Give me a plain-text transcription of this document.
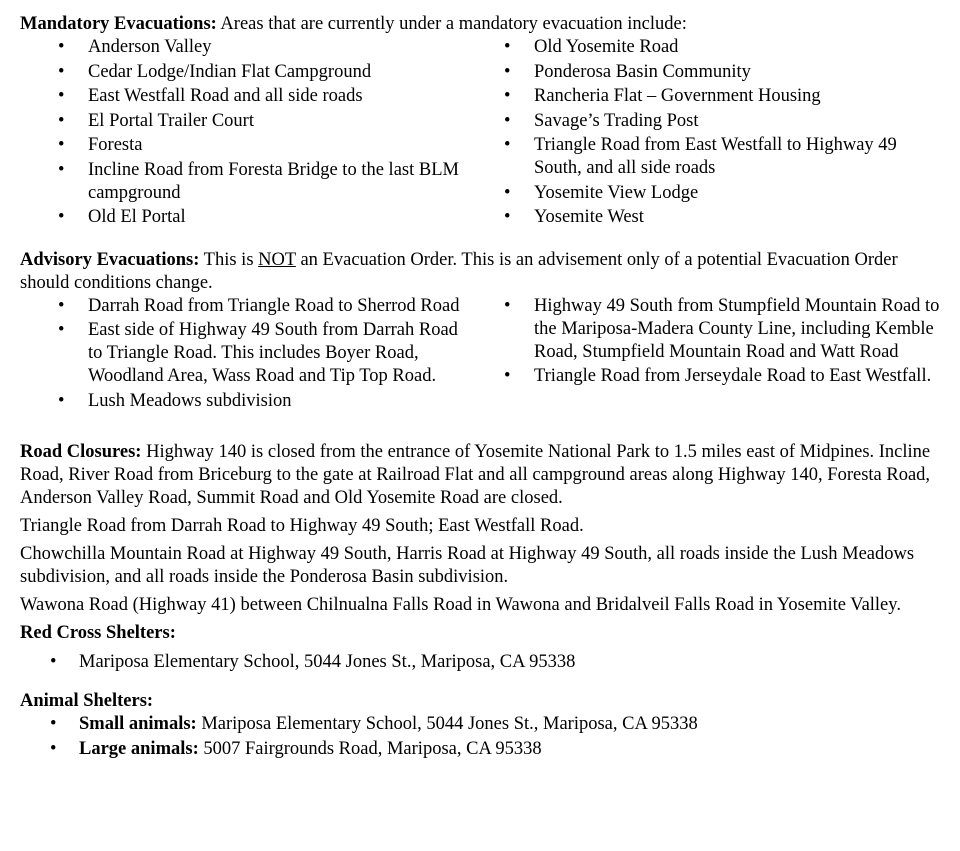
Mandatory Evacuations: Areas that are currently under a mandatory evacuation include:

• Anderson Valley
• Cedar Lodge/Indian Flat Campground
• East Westfall Road and all side roads
• El Portal Trailer Court
• Foresta
• Incline Road from Foresta Bridge to the last BLM campground
• Old El Portal
• Old Yosemite Road
• Ponderosa Basin Community
• Rancheria Flat – Government Housing
• Savage’s Trading Post
• Triangle Road from East Westfall to Highway 49 South, and all side roads
• Yosemite View Lodge
• Yosemite West

Advisory Evacuations: This is NOT an Evacuation Order. This is an advisement only of a potential Evacuation Order should conditions change.

• Darrah Road from Triangle Road to Sherrod Road
• East side of Highway 49 South from Darrah Road to Triangle Road. This includes Boyer Road, Woodland Area, Wass Road and Tip Top Road.
• Lush Meadows subdivision
• Highway 49 South from Stumpfield Mountain Road to the Mariposa-Madera County Line, including Kemble Road, Stumpfield Mountain Road and Watt Road
• Triangle Road from Jerseydale Road to East Westfall.

Road Closures: Highway 140 is closed from the entrance of Yosemite National Park to 1.5 miles east of Midpines. Incline Road, River Road from Briceburg to the gate at Railroad Flat and all campground areas along Highway 140, Foresta Road, Anderson Valley Road, Summit Road and Old Yosemite Road are closed.

Triangle Road from Darrah Road to Highway 49 South; East Westfall Road.

Chowchilla Mountain Road at Highway 49 South, Harris Road at Highway 49 South, all roads inside the Lush Meadows subdivision, and all roads inside the Ponderosa Basin subdivision.

Wawona Road (Highway 41) between Chilnualna Falls Road in Wawona and Bridalveil Falls Road in Yosemite Valley.

Red Cross Shelters:

• Mariposa Elementary School, 5044 Jones St., Mariposa, CA 95338

Animal Shelters:

• Small animals: Mariposa Elementary School, 5044 Jones St., Mariposa, CA 95338
• Large animals: 5007 Fairgrounds Road, Mariposa, CA 95338
